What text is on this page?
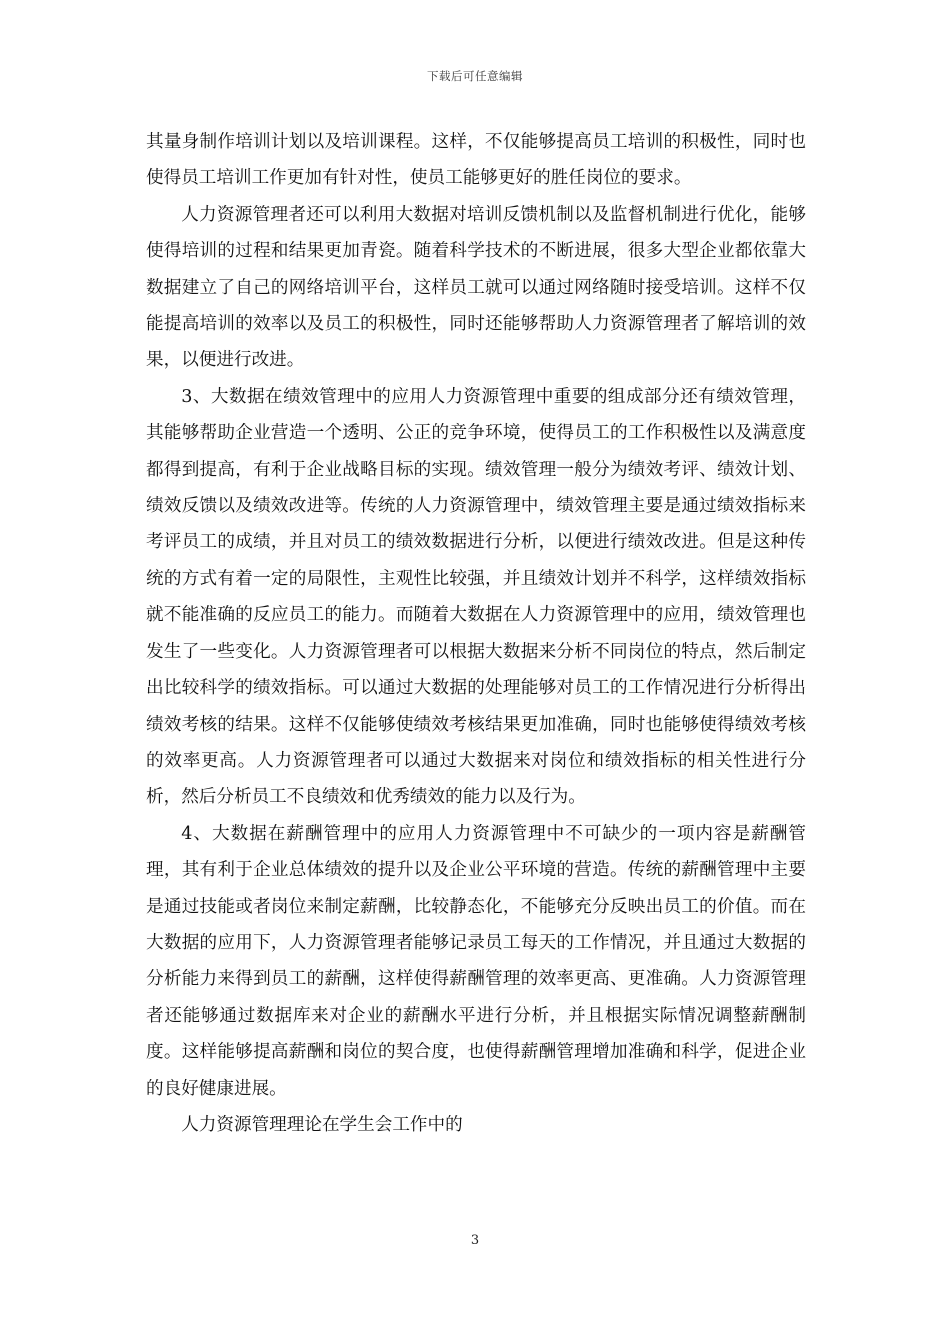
下载后可任意编辑

其量身制作培训计划以及培训课程。这样，不仅能够提高员工培训的积极性，同时也使得员工培训工作更加有针对性，使员工能够更好的胜任岗位的要求。

人力资源管理者还可以利用大数据对培训反馈机制以及监督机制进行优化，能够使得培训的过程和结果更加青瓷。随着科学技术的不断进展，很多大型企业都依靠大数据建立了自己的网络培训平台，这样员工就可以通过网络随时接受培训。这样不仅能提高培训的效率以及员工的积极性，同时还能够帮助人力资源管理者了解培训的效果，以便进行改进。

3、大数据在绩效管理中的应用人力资源管理中重要的组成部分还有绩效管理，其能够帮助企业营造一个透明、公正的竞争环境，使得员工的工作积极性以及满意度都得到提高，有利于企业战略目标的实现。绩效管理一般分为绩效考评、绩效计划、绩效反馈以及绩效改进等。传统的人力资源管理中，绩效管理主要是通过绩效指标来考评员工的成绩，并且对员工的绩效数据进行分析，以便进行绩效改进。但是这种传统的方式有着一定的局限性，主观性比较强，并且绩效计划并不科学，这样绩效指标就不能准确的反应员工的能力。而随着大数据在人力资源管理中的应用，绩效管理也发生了一些变化。人力资源管理者可以根据大数据来分析不同岗位的特点，然后制定出比较科学的绩效指标。可以通过大数据的处理能够对员工的工作情况进行分析得出绩效考核的结果。这样不仅能够使绩效考核结果更加准确，同时也能够使得绩效考核的效率更高。人力资源管理者可以通过大数据来对岗位和绩效指标的相关性进行分析，然后分析员工不良绩效和优秀绩效的能力以及行为。

4、大数据在薪酬管理中的应用人力资源管理中不可缺少的一项内容是薪酬管理，其有利于企业总体绩效的提升以及企业公平环境的营造。传统的薪酬管理中主要是通过技能或者岗位来制定薪酬，比较静态化，不能够充分反映出员工的价值。而在大数据的应用下，人力资源管理者能够记录员工每天的工作情况，并且通过大数据的分析能力来得到员工的薪酬，这样使得薪酬管理的效率更高、更准确。人力资源管理者还能够通过数据库来对企业的薪酬水平进行分析，并且根据实际情况调整薪酬制度。这样能够提高薪酬和岗位的契合度，也使得薪酬管理增加准确和科学，促进企业的良好健康进展。

人力资源管理理论在学生会工作中的

3
